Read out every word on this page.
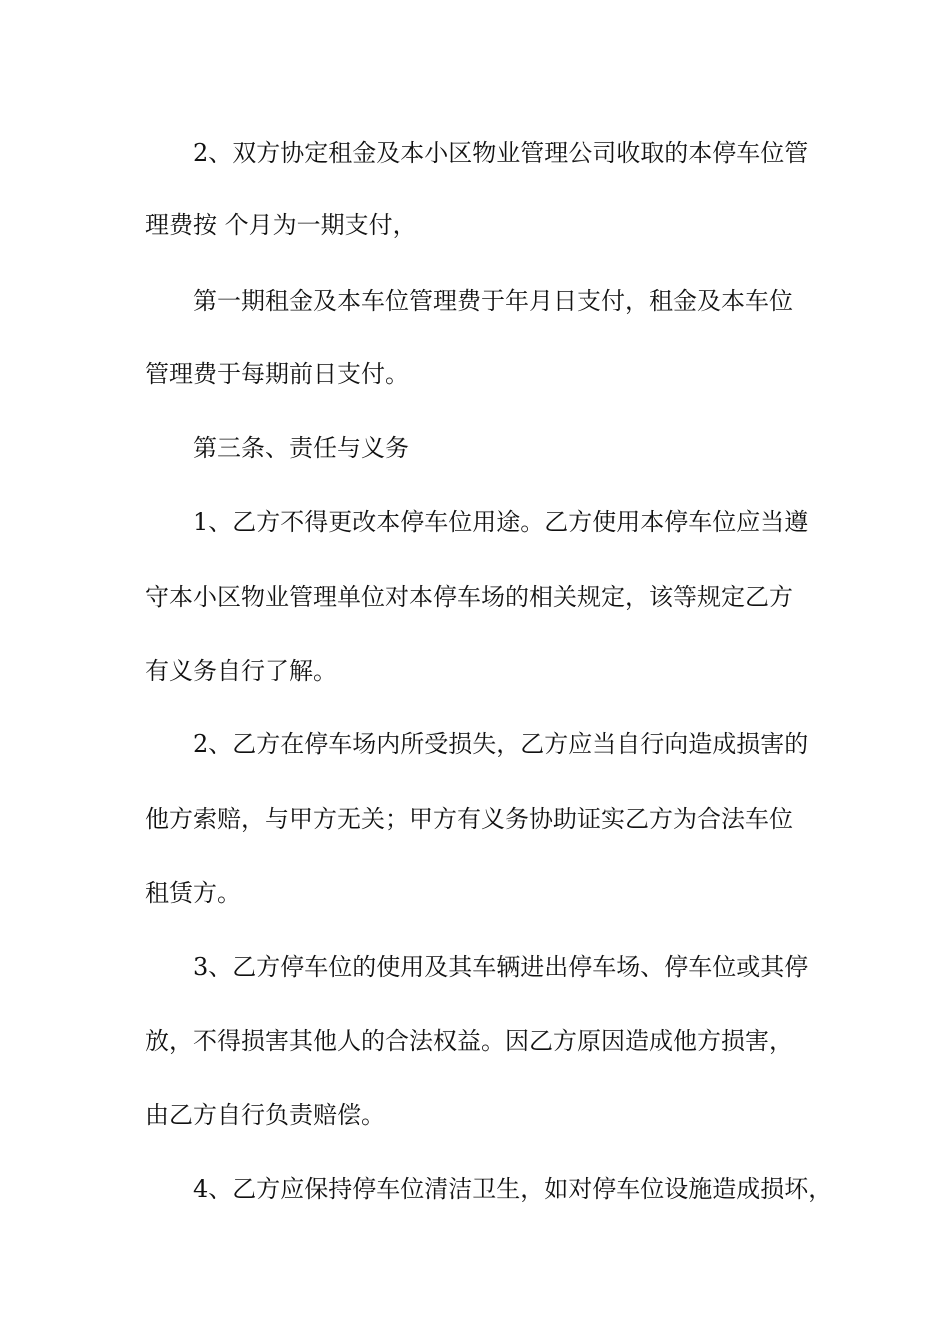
2、双方协定租金及本小区物业管理公司收取的本停车位管

理费按 个月为一期支付，

第一期租金及本车位管理费于年月日支付，租金及本车位

管理费于每期前日支付。

第三条、责任与义务

1、乙方不得更改本停车位用途。乙方使用本停车位应当遵

守本小区物业管理单位对本停车场的相关规定，该等规定乙方

有义务自行了解。

2、乙方在停车场内所受损失，乙方应当自行向造成损害的

他方索赔，与甲方无关；甲方有义务协助证实乙方为合法车位

租赁方。

3、乙方停车位的使用及其车辆进出停车场、停车位或其停

放，不得损害其他人的合法权益。因乙方原因造成他方损害，

由乙方自行负责赔偿。

4、乙方应保持停车位清洁卫生，如对停车位设施造成损坏，
